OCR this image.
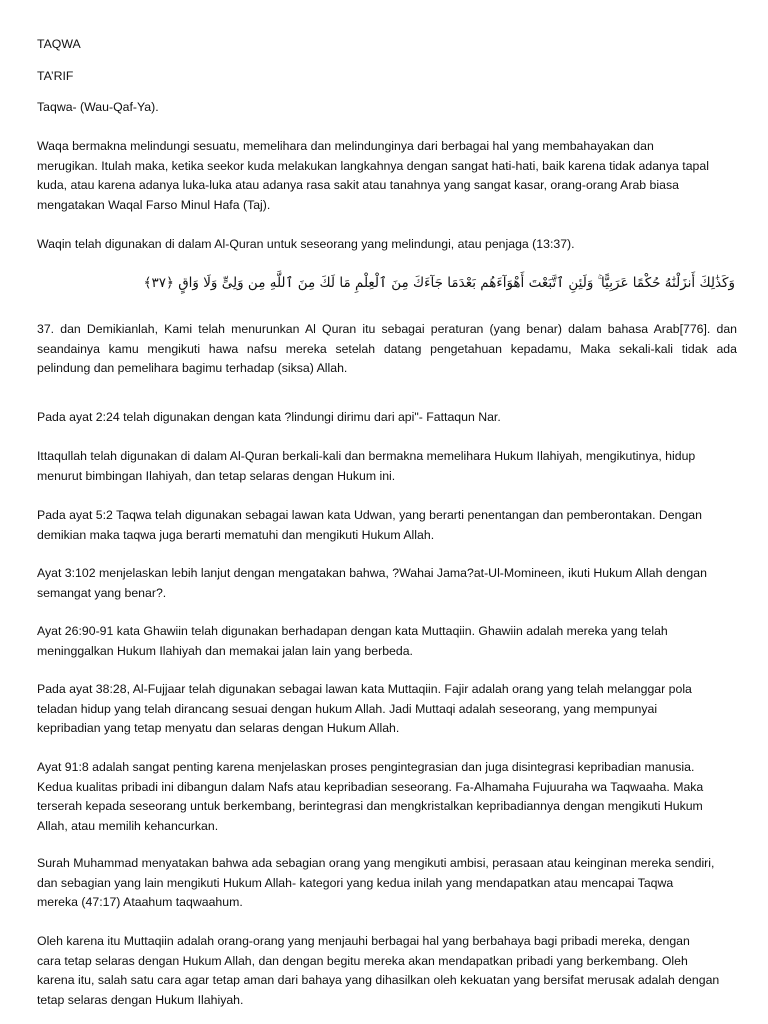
TAQWA
TA’RIF
Taqwa- (Wau-Qaf-Ya).
Waqa bermakna melindungi sesuatu, memelihara dan melindunginya dari berbagai hal yang membahayakan dan
merugikan. Itulah maka, ketika seekor kuda melakukan langkahnya dengan sangat hati-hati, baik karena tidak adanya tapal
kuda, atau karena adanya luka-luka atau adanya rasa sakit atau tanahnya yang sangat kasar, orang-orang Arab biasa
mengatakan Waqal Farso Minul Hafa (Taj).
Waqin telah digunakan di dalam Al-Quran untuk seseorang yang melindungi, atau penjaga (13:37).
وَكَذَٰلِكَ أَنزَلْنَٰهُ حُكْمًا عَرَبِيًّا ۚ وَلَئِنِ ٱتَّبَعْتَ أَهْوَآءَهُم بَعْدَمَا جَآءَكَ مِنَ ٱلْعِلْمِ مَا لَكَ مِنَ ٱللَّهِ مِن وَلِىٍّ وَلَا وَاقٍ ﴿٣٧﴾
37. dan Demikianlah, Kami telah menurunkan Al Quran itu sebagai peraturan (yang benar) dalam bahasa Arab[776]. dan
seandainya kamu mengikuti hawa nafsu mereka setelah datang pengetahuan kepadamu, Maka sekali-kali tidak ada
pelindung dan pemelihara bagimu terhadap (siksa) Allah.
Pada ayat 2:24 telah digunakan dengan kata ?lindungi dirimu dari api"- Fattaqun Nar.
Ittaqullah telah digunakan di dalam Al-Quran berkali-kali dan bermakna memelihara Hukum Ilahiyah, mengikutinya, hidup
menurut bimbingan Ilahiyah, dan tetap selaras dengan Hukum ini.
Pada ayat 5:2 Taqwa telah digunakan sebagai lawan kata Udwan, yang berarti penentangan dan pemberontakan. Dengan
demikian maka taqwa juga berarti mematuhi dan mengikuti Hukum Allah.
Ayat 3:102 menjelaskan lebih lanjut dengan mengatakan bahwa, ?Wahai Jama?at-Ul-Momineen, ikuti Hukum Allah dengan
semangat yang benar?.
Ayat 26:90-91 kata Ghawiin telah digunakan berhadapan dengan kata Muttaqiin. Ghawiin adalah mereka yang telah
meninggalkan Hukum Ilahiyah dan memakai jalan lain yang berbeda.
Pada ayat 38:28, Al-Fujjaar telah digunakan sebagai lawan kata Muttaqiin. Fajir adalah orang yang telah melanggar pola
teladan hidup yang telah dirancang sesuai dengan hukum Allah. Jadi Muttaqi adalah seseorang, yang mempunyai
kepribadian yang tetap menyatu dan selaras dengan Hukum Allah.
Ayat 91:8 adalah sangat penting karena menjelaskan proses pengintegrasian dan juga disintegrasi kepribadian manusia.
Kedua kualitas pribadi ini dibangun dalam Nafs atau kepribadian seseorang. Fa-Alhamaha Fujuuraha wa Taqwaaha. Maka
terserah kepada seseorang untuk berkembang, berintegrasi dan mengkristalkan kepribadiannya dengan mengikuti Hukum
Allah, atau memilih kehancurkan.
Surah Muhammad menyatakan bahwa ada sebagian orang yang mengikuti ambisi, perasaan atau keinginan mereka sendiri,
dan sebagian yang lain mengikuti Hukum Allah- kategori yang kedua inilah yang mendapatkan atau mencapai Taqwa
mereka (47:17) Ataahum taqwaahum.
Oleh karena itu Muttaqiin adalah orang-orang yang menjauhi berbagai hal yang berbahaya bagi pribadi mereka, dengan
cara tetap selaras dengan Hukum Allah, dan dengan begitu mereka akan mendapatkan pribadi yang berkembang. Oleh
karena itu, salah satu cara agar tetap aman dari bahaya yang dihasilkan oleh kekuatan yang bersifat merusak adalah dengan
tetap selaras dengan Hukum Ilahiyah.
